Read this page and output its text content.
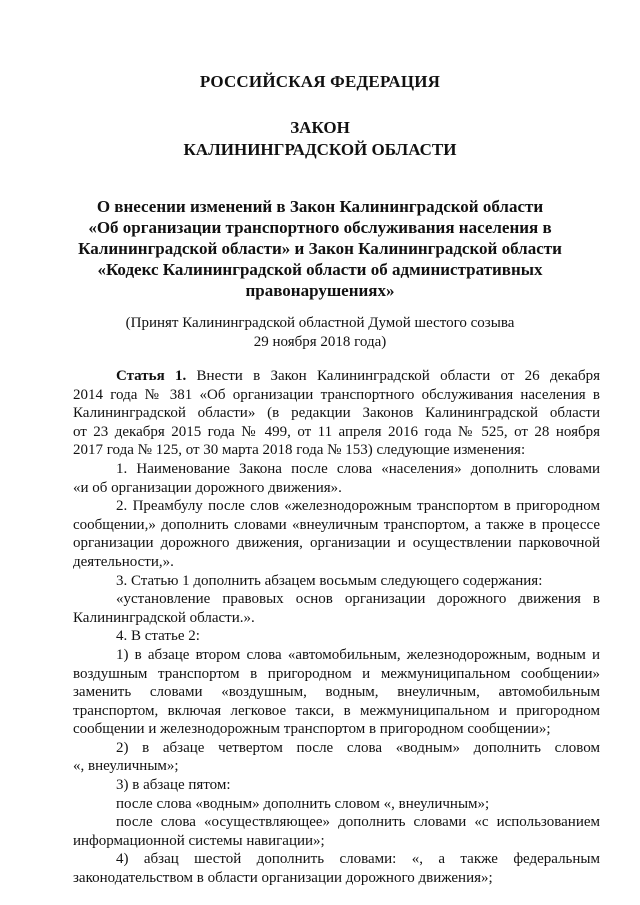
РОССИЙСКАЯ ФЕДЕРАЦИЯ
ЗАКОН
КАЛИНИНГРАДСКОЙ ОБЛАСТИ
О внесении изменений в Закон Калининградской области
«Об организации транспортного обслуживания населения в
Калининградской области» и Закон Калининградской области
«Кодекс Калининградской области об административных
правонарушениях»
(Принят Калининградской областной Думой шестого созыва
29 ноября 2018 года)
Статья 1. Внести в Закон Калининградской области от 26 декабря
2014 года № 381 «Об организации транспортного обслуживания населения в
Калининградской области» (в редакции Законов Калининградской области
от 23 декабря 2015 года № 499, от 11 апреля 2016 года № 525, от 28 ноября
2017 года № 125, от 30 марта 2018 года № 153) следующие изменения:
1. Наименование Закона после слова «населения» дополнить словами
«и об организации дорожного движения».
2. Преамбулу после слов «железнодорожным транспортом в пригородном
сообщении,» дополнить словами «внеуличным транспортом, а также в процессе
организации дорожного движения, организации и осуществлении парковочной
деятельности,».
3. Статью 1 дополнить абзацем восьмым следующего содержания:
«установление правовых основ организации дорожного движения в
Калининградской области.».
4. В статье 2:
1) в абзаце втором слова «автомобильным, железнодорожным, водным и
воздушным транспортом в пригородном и межмуниципальном сообщении»
заменить словами «воздушным, водным, внеуличным, автомобильным
транспортом, включая легковое такси, в межмуниципальном и пригородном
сообщении и железнодорожным транспортом в пригородном сообщении»;
2) в абзаце четвертом после слова «водным» дополнить словом
«, внеуличным»;
3) в абзаце пятом:
после слова «водным» дополнить словом «, внеуличным»;
после слова «осуществляющее» дополнить словами «с использованием
информационной системы навигации»;
4) абзац шестой дополнить словами: «, а также федеральным
законодательством в области организации дорожного движения»;
